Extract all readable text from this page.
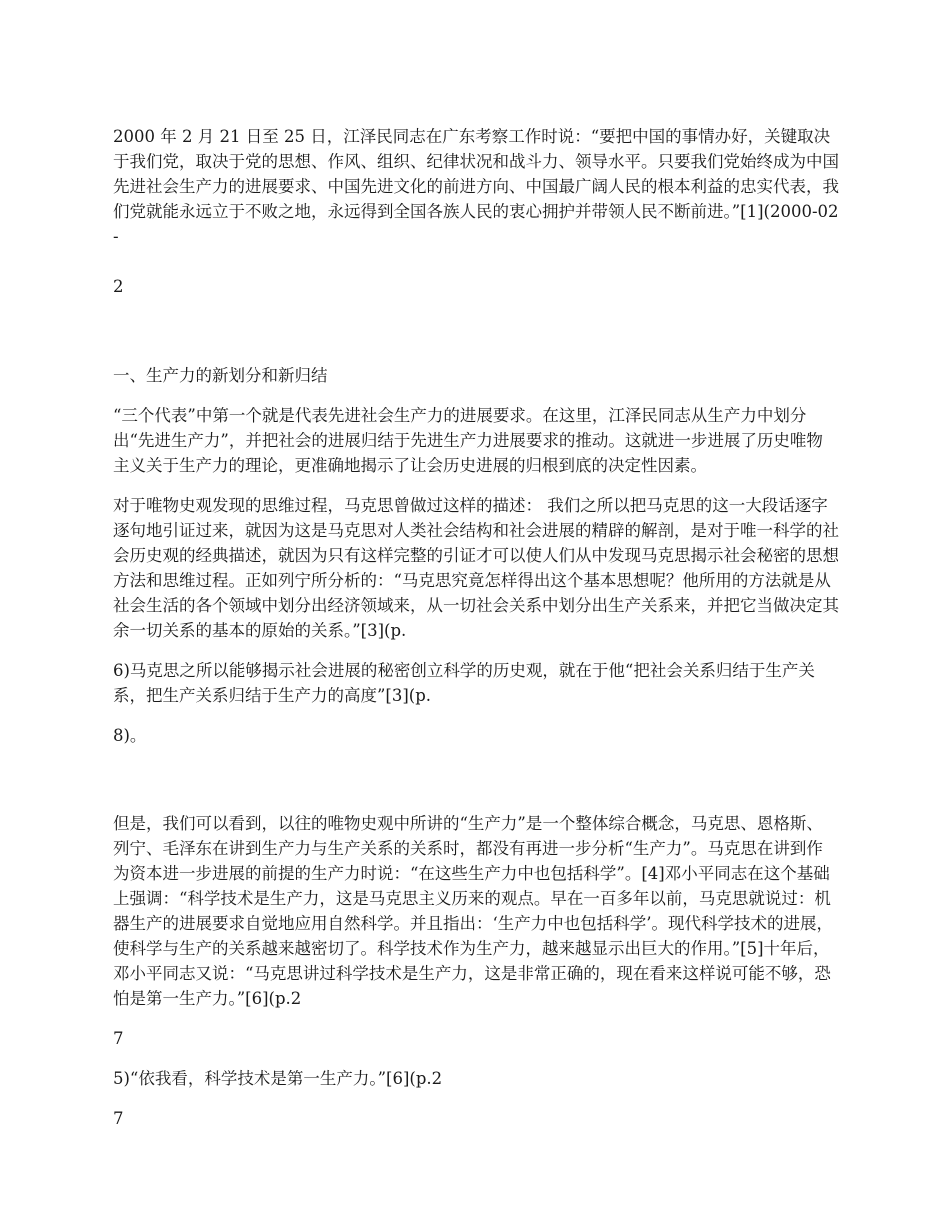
2000 年 2 月 21 日至 25 日，江泽民同志在广东考察工作时说：“要把中国的事情办好，关键取决于我们党，取决于党的思想、作风、组织、纪律状况和战斗力、领导水平。只要我们党始终成为中国先进社会生产力的进展要求、中国先进文化的前进方向、中国最广阔人民的根本利益的忠实代表，我们党就能永远立于不败之地，永远得到全国各族人民的衷心拥护并带领人民不断前进。”[1](2000-02-

2

一、生产力的新划分和新归结

“三个代表”中第一个就是代表先进社会生产力的进展要求。在这里，江泽民同志从生产力中划分出“先进生产力”，并把社会的进展归结于先进生产力进展要求的推动。这就进一步进展了历史唯物主义关于生产力的理论，更准确地揭示了让会历史进展的归根到底的决定性因素。

对于唯物史观发现的思维过程，马克思曾做过这样的描述： 我们之所以把马克思的这一大段话逐字逐句地引证过来，就因为这是马克思对人类社会结构和社会进展的精辟的解剖，是对于唯一科学的社会历史观的经典描述，就因为只有这样完整的引证才可以使人们从中发现马克思揭示社会秘密的思想方法和思维过程。正如列宁所分析的：“马克思究竟怎样得出这个基本思想呢？他所用的方法就是从社会生活的各个领域中划分出经济领域来，从一切社会关系中划分出生产关系来，并把它当做决定其余一切关系的基本的原始的关系。”[3](p.

6)马克思之所以能够揭示社会进展的秘密创立科学的历史观，就在于他“把社会关系归结于生产关系，把生产关系归结于生产力的高度”[3](p.

8)。

但是，我们可以看到，以往的唯物史观中所讲的“生产力”是一个整体综合概念，马克思、恩格斯、列宁、毛泽东在讲到生产力与生产关系的关系时，都没有再进一步分析“生产力”。马克思在讲到作为资本进一步进展的前提的生产力时说：“在这些生产力中也包括科学”。[4]邓小平同志在这个基础上强调：“科学技术是生产力，这是马克思主义历来的观点。早在一百多年以前，马克思就说过：机器生产的进展要求自觉地应用自然科学。并且指出：‘生产力中也包括科学’。现代科学技术的进展，使科学与生产的关系越来越密切了。科学技术作为生产力，越来越显示出巨大的作用。”[5]十年后，邓小平同志又说：“马克思讲过科学技术是生产力，这是非常正确的，现在看来这样说可能不够，恐怕是第一生产力。”[6](p.2

7

5)“依我看，科学技术是第一生产力。”[6](p.2

7
